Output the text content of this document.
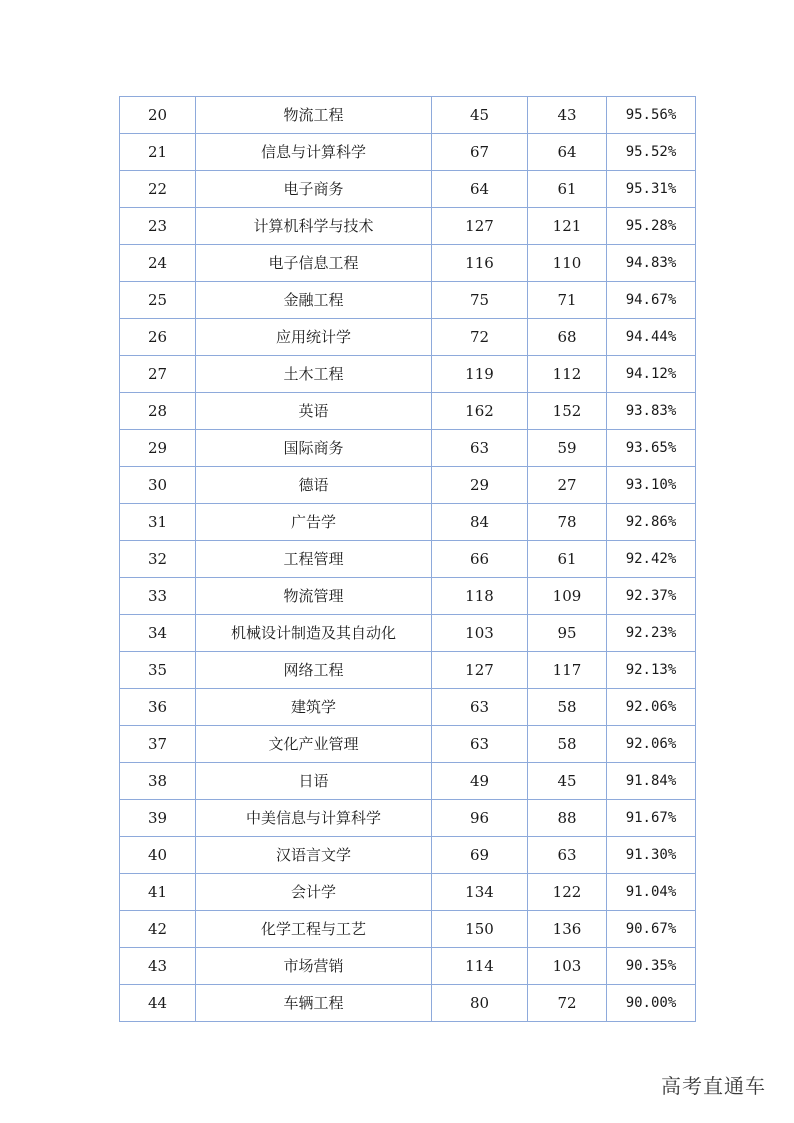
20	物流工程	45	43	95.56%
21	信息与计算科学	67	64	95.52%
22	电子商务	64	61	95.31%
23	计算机科学与技术	127	121	95.28%
24	电子信息工程	116	110	94.83%
25	金融工程	75	71	94.67%
26	应用统计学	72	68	94.44%
27	土木工程	119	112	94.12%
28	英语	162	152	93.83%
29	国际商务	63	59	93.65%
30	德语	29	27	93.10%
31	广告学	84	78	92.86%
32	工程管理	66	61	92.42%
33	物流管理	118	109	92.37%
34	机械设计制造及其自动化	103	95	92.23%
35	网络工程	127	117	92.13%
36	建筑学	63	58	92.06%
37	文化产业管理	63	58	92.06%
38	日语	49	45	91.84%
39	中美信息与计算科学	96	88	91.67%
40	汉语言文学	69	63	91.30%
41	会计学	134	122	91.04%
42	化学工程与工艺	150	136	90.67%
43	市场营销	114	103	90.35%
44	车辆工程	80	72	90.00%
高考直通车
